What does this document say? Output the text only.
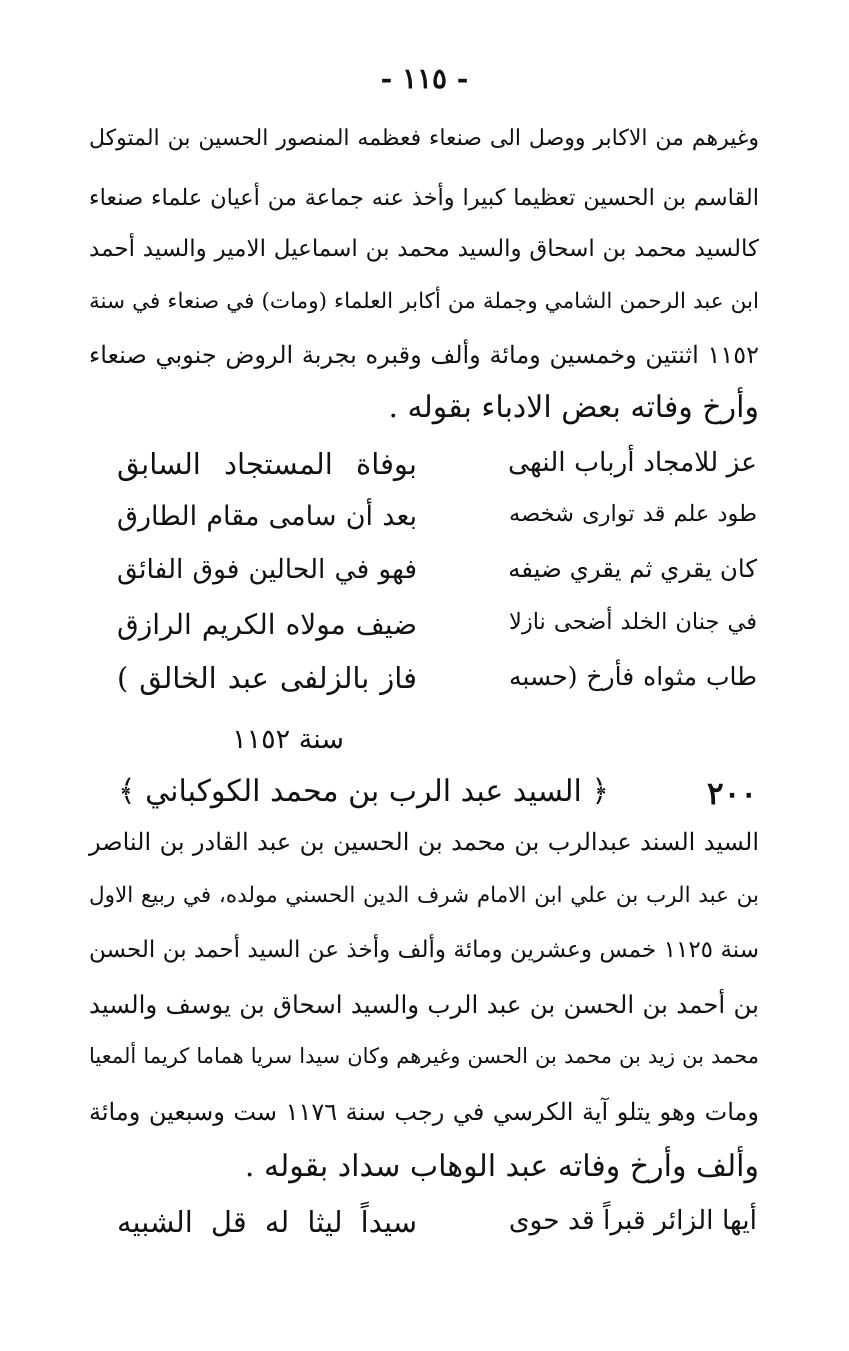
- ١١٥ -
وغيرهم من الاكابر ووصل الى صنعاء فعظمه المنصور الحسين بن المتوكل
القاسم بن الحسين تعظيما كبيرا وأخذ عنه جماعة من أعيان علماء صنعاء
كالسيد محمد بن اسحاق والسيد محمد بن اسماعيل الامير والسيد أحمد
ابن عبد الرحمن الشامي وجملة من أكابر العلماء (ومات) في صنعاء في سنة
١١٥٢ اثنتين وخمسين ومائة وألف وقبره بجربة الروض جنوبي صنعاء
وأرخ وفاته بعض الادباء بقوله .
عز للامجاد أرباب النهى
بوفاة المستجاد السابق
طود علم قد توارى شخصه
بعد أن سامى مقام الطارق
كان يقري ثم يقري ضيفه
فهو في الحالين فوق الفائق
في جنان الخلد أضحى نازلا
ضيف مولاه الكريم الرازق
طاب مثواه فأرخ (حسبه
فاز بالزلفى عبد الخالق )
سنة ١١٥٢
٢٠٠
﴿ السيد عبد الرب بن محمد الكوكباني ﴾
السيد السند عبدالرب بن محمد بن الحسين بن عبد القادر بن الناصر
بن عبد الرب بن علي ابن الامام شرف الدين الحسني مولده، في ربيع الاول
سنة ١١٢٥ خمس وعشرين ومائة وألف وأخذ عن السيد أحمد بن الحسن
بن أحمد بن الحسن بن عبد الرب والسيد اسحاق بن يوسف والسيد
محمد بن زيد بن محمد بن الحسن وغيرهم وكان سيدا سريا هماما كريما ألمعيا
ومات وهو يتلو آية الكرسي في رجب سنة ١١٧٦ ست وسبعين ومائة
وألف وأرخ وفاته عبد الوهاب سداد بقوله .
أيها الزائر قبراً قد حوى
سيداً ليثا له قل الشبيه
